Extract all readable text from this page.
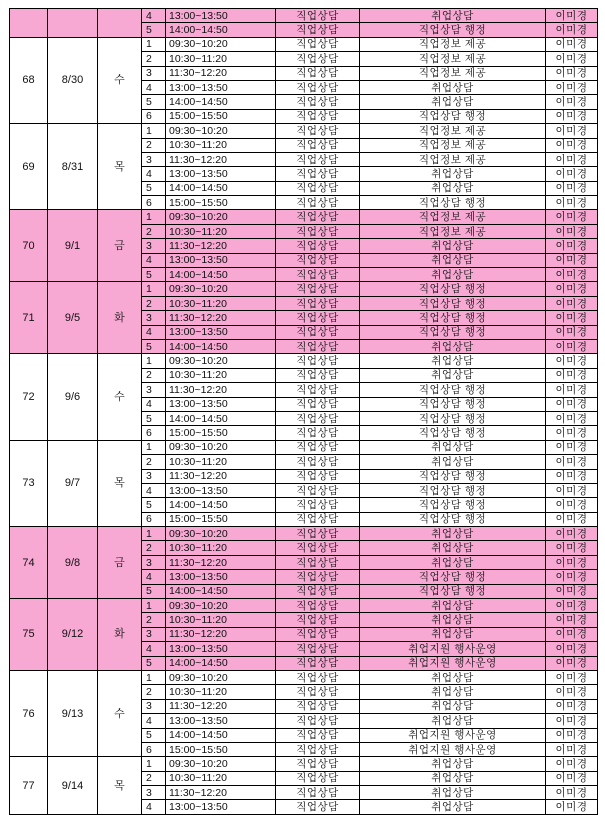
			4	13:00~13:50	직업상담	취업상담	이미경
			5	14:00~14:50	직업상담	직업상담 행정	이미경
68	8/30	수	1	09:30~10:20	직업상담	직업정보 제공	이미경
			2	10:30~11:20	직업상담	직업정보 제공	이미경
			3	11:30~12:20	직업상담	직업정보 제공	이미경
			4	13:00~13:50	직업상담	취업상담	이미경
			5	14:00~14:50	직업상담	취업상담	이미경
			6	15:00~15:50	직업상담	직업상담 행정	이미경
69	8/31	목	1	09:30~10:20	직업상담	직업정보 제공	이미경
			2	10:30~11:20	직업상담	직업정보 제공	이미경
			3	11:30~12:20	직업상담	직업정보 제공	이미경
			4	13:00~13:50	직업상담	취업상담	이미경
			5	14:00~14:50	직업상담	취업상담	이미경
			6	15:00~15:50	직업상담	직업상담 행정	이미경
70	9/1	금	1	09:30~10:20	직업상담	직업정보 제공	이미경
			2	10:30~11:20	직업상담	직업정보 제공	이미경
			3	11:30~12:20	직업상담	취업상담	이미경
			4	13:00~13:50	직업상담	취업상담	이미경
			5	14:00~14:50	직업상담	취업상담	이미경
71	9/5	화	1	09:30~10:20	직업상담	직업상담 행정	이미경
			2	10:30~11:20	직업상담	직업상담 행정	이미경
			3	11:30~12:20	직업상담	직업상담 행정	이미경
			4	13:00~13:50	직업상담	직업상담 행정	이미경
			5	14:00~14:50	직업상담	취업상담	이미경
72	9/6	수	1	09:30~10:20	직업상담	취업상담	이미경
			2	10:30~11:20	직업상담	취업상담	이미경
			3	11:30~12:20	직업상담	직업상담 행정	이미경
			4	13:00~13:50	직업상담	직업상담 행정	이미경
			5	14:00~14:50	직업상담	직업상담 행정	이미경
			6	15:00~15:50	직업상담	직업상담 행정	이미경
73	9/7	목	1	09:30~10:20	직업상담	취업상담	이미경
			2	10:30~11:20	직업상담	취업상담	이미경
			3	11:30~12:20	직업상담	직업상담 행정	이미경
			4	13:00~13:50	직업상담	직업상담 행정	이미경
			5	14:00~14:50	직업상담	직업상담 행정	이미경
			6	15:00~15:50	직업상담	직업상담 행정	이미경
74	9/8	금	1	09:30~10:20	직업상담	취업상담	이미경
			2	10:30~11:20	직업상담	취업상담	이미경
			3	11:30~12:20	직업상담	취업상담	이미경
			4	13:00~13:50	직업상담	직업상담 행정	이미경
			5	14:00~14:50	직업상담	직업상담 행정	이미경
75	9/12	화	1	09:30~10:20	직업상담	취업상담	이미경
			2	10:30~11:20	직업상담	취업상담	이미경
			3	11:30~12:20	직업상담	취업상담	이미경
			4	13:00~13:50	직업상담	취업지원 행사운영	이미경
			5	14:00~14:50	직업상담	취업지원 행사운영	이미경
76	9/13	수	1	09:30~10:20	직업상담	취업상담	이미경
			2	10:30~11:20	직업상담	취업상담	이미경
			3	11:30~12:20	직업상담	취업상담	이미경
			4	13:00~13:50	직업상담	취업상담	이미경
			5	14:00~14:50	직업상담	취업지원 행사운영	이미경
			6	15:00~15:50	직업상담	취업지원 행사운영	이미경
77	9/14	목	1	09:30~10:20	직업상담	취업상담	이미경
			2	10:30~11:20	직업상담	취업상담	이미경
			3	11:30~12:20	직업상담	취업상담	이미경
			4	13:00~13:50	직업상담	취업상담	이미경
